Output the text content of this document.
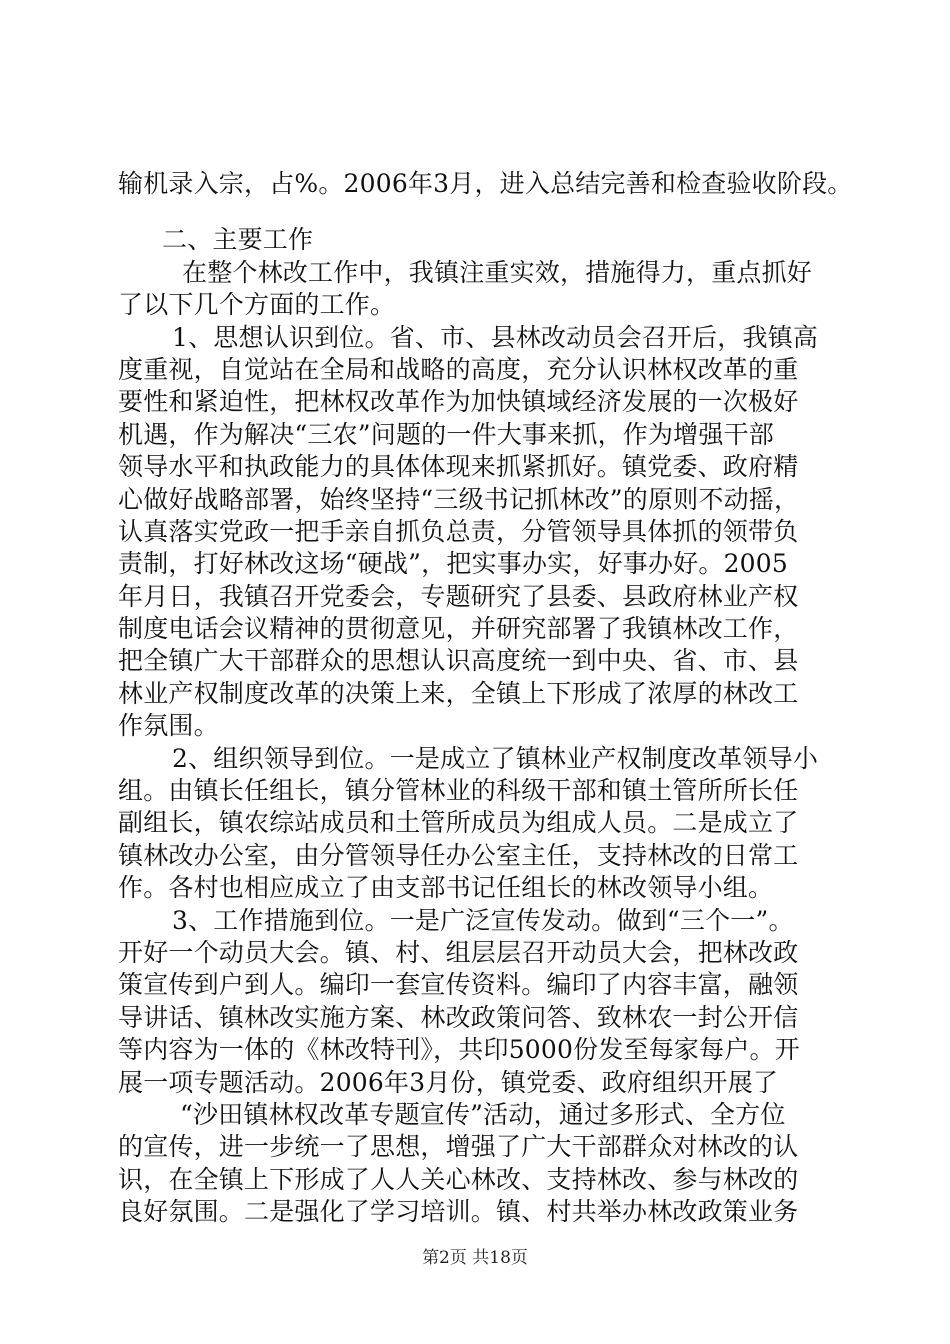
输机录入宗，占%。2006年3月，进入总结完善和检查验收阶段。
二、主要工作
在整个林改工作中，我镇注重实效，措施得力，重点抓好
了以下几个方面的工作。
1、思想认识到位。省、市、县林改动员会召开后，我镇高
度重视，自觉站在全局和战略的高度，充分认识林权改革的重
要性和紧迫性，把林权改革作为加快镇域经济发展的一次极好
机遇，作为解决“三农”问题的一件大事来抓，作为增强干部
领导水平和执政能力的具体体现来抓紧抓好。镇党委、政府精
心做好战略部署，始终坚持“三级书记抓林改”的原则不动摇，
认真落实党政一把手亲自抓负总责，分管领导具体抓的领带负
责制，打好林改这场“硬战”，把实事办实，好事办好。2005
年月日，我镇召开党委会，专题研究了县委、县政府林业产权
制度电话会议精神的贯彻意见，并研究部署了我镇林改工作，
把全镇广大干部群众的思想认识高度统一到中央、省、市、县
林业产权制度改革的决策上来，全镇上下形成了浓厚的林改工
作氛围。
2、组织领导到位。一是成立了镇林业产权制度改革领导小
组。由镇长任组长，镇分管林业的科级干部和镇土管所所长任
副组长，镇农综站成员和土管所成员为组成人员。二是成立了
镇林改办公室，由分管领导任办公室主任，支持林改的日常工
作。各村也相应成立了由支部书记任组长的林改领导小组。
3、工作措施到位。一是广泛宣传发动。做到“三个一”。
开好一个动员大会。镇、村、组层层召开动员大会，把林改政
策宣传到户到人。编印一套宣传资料。编印了内容丰富，融领
导讲话、镇林改实施方案、林改政策问答、致林农一封公开信
等内容为一体的《林改特刊》，共印5000份发至每家每户。开
展一项专题活动。2006年3月份，镇党委、政府组织开展了
“沙田镇林权改革专题宣传”活动，通过多形式、全方位
的宣传，进一步统一了思想，增强了广大干部群众对林改的认
识，在全镇上下形成了人人关心林改、支持林改、参与林改的
良好氛围。二是强化了学习培训。镇、村共举办林改政策业务
第2页 共18页
